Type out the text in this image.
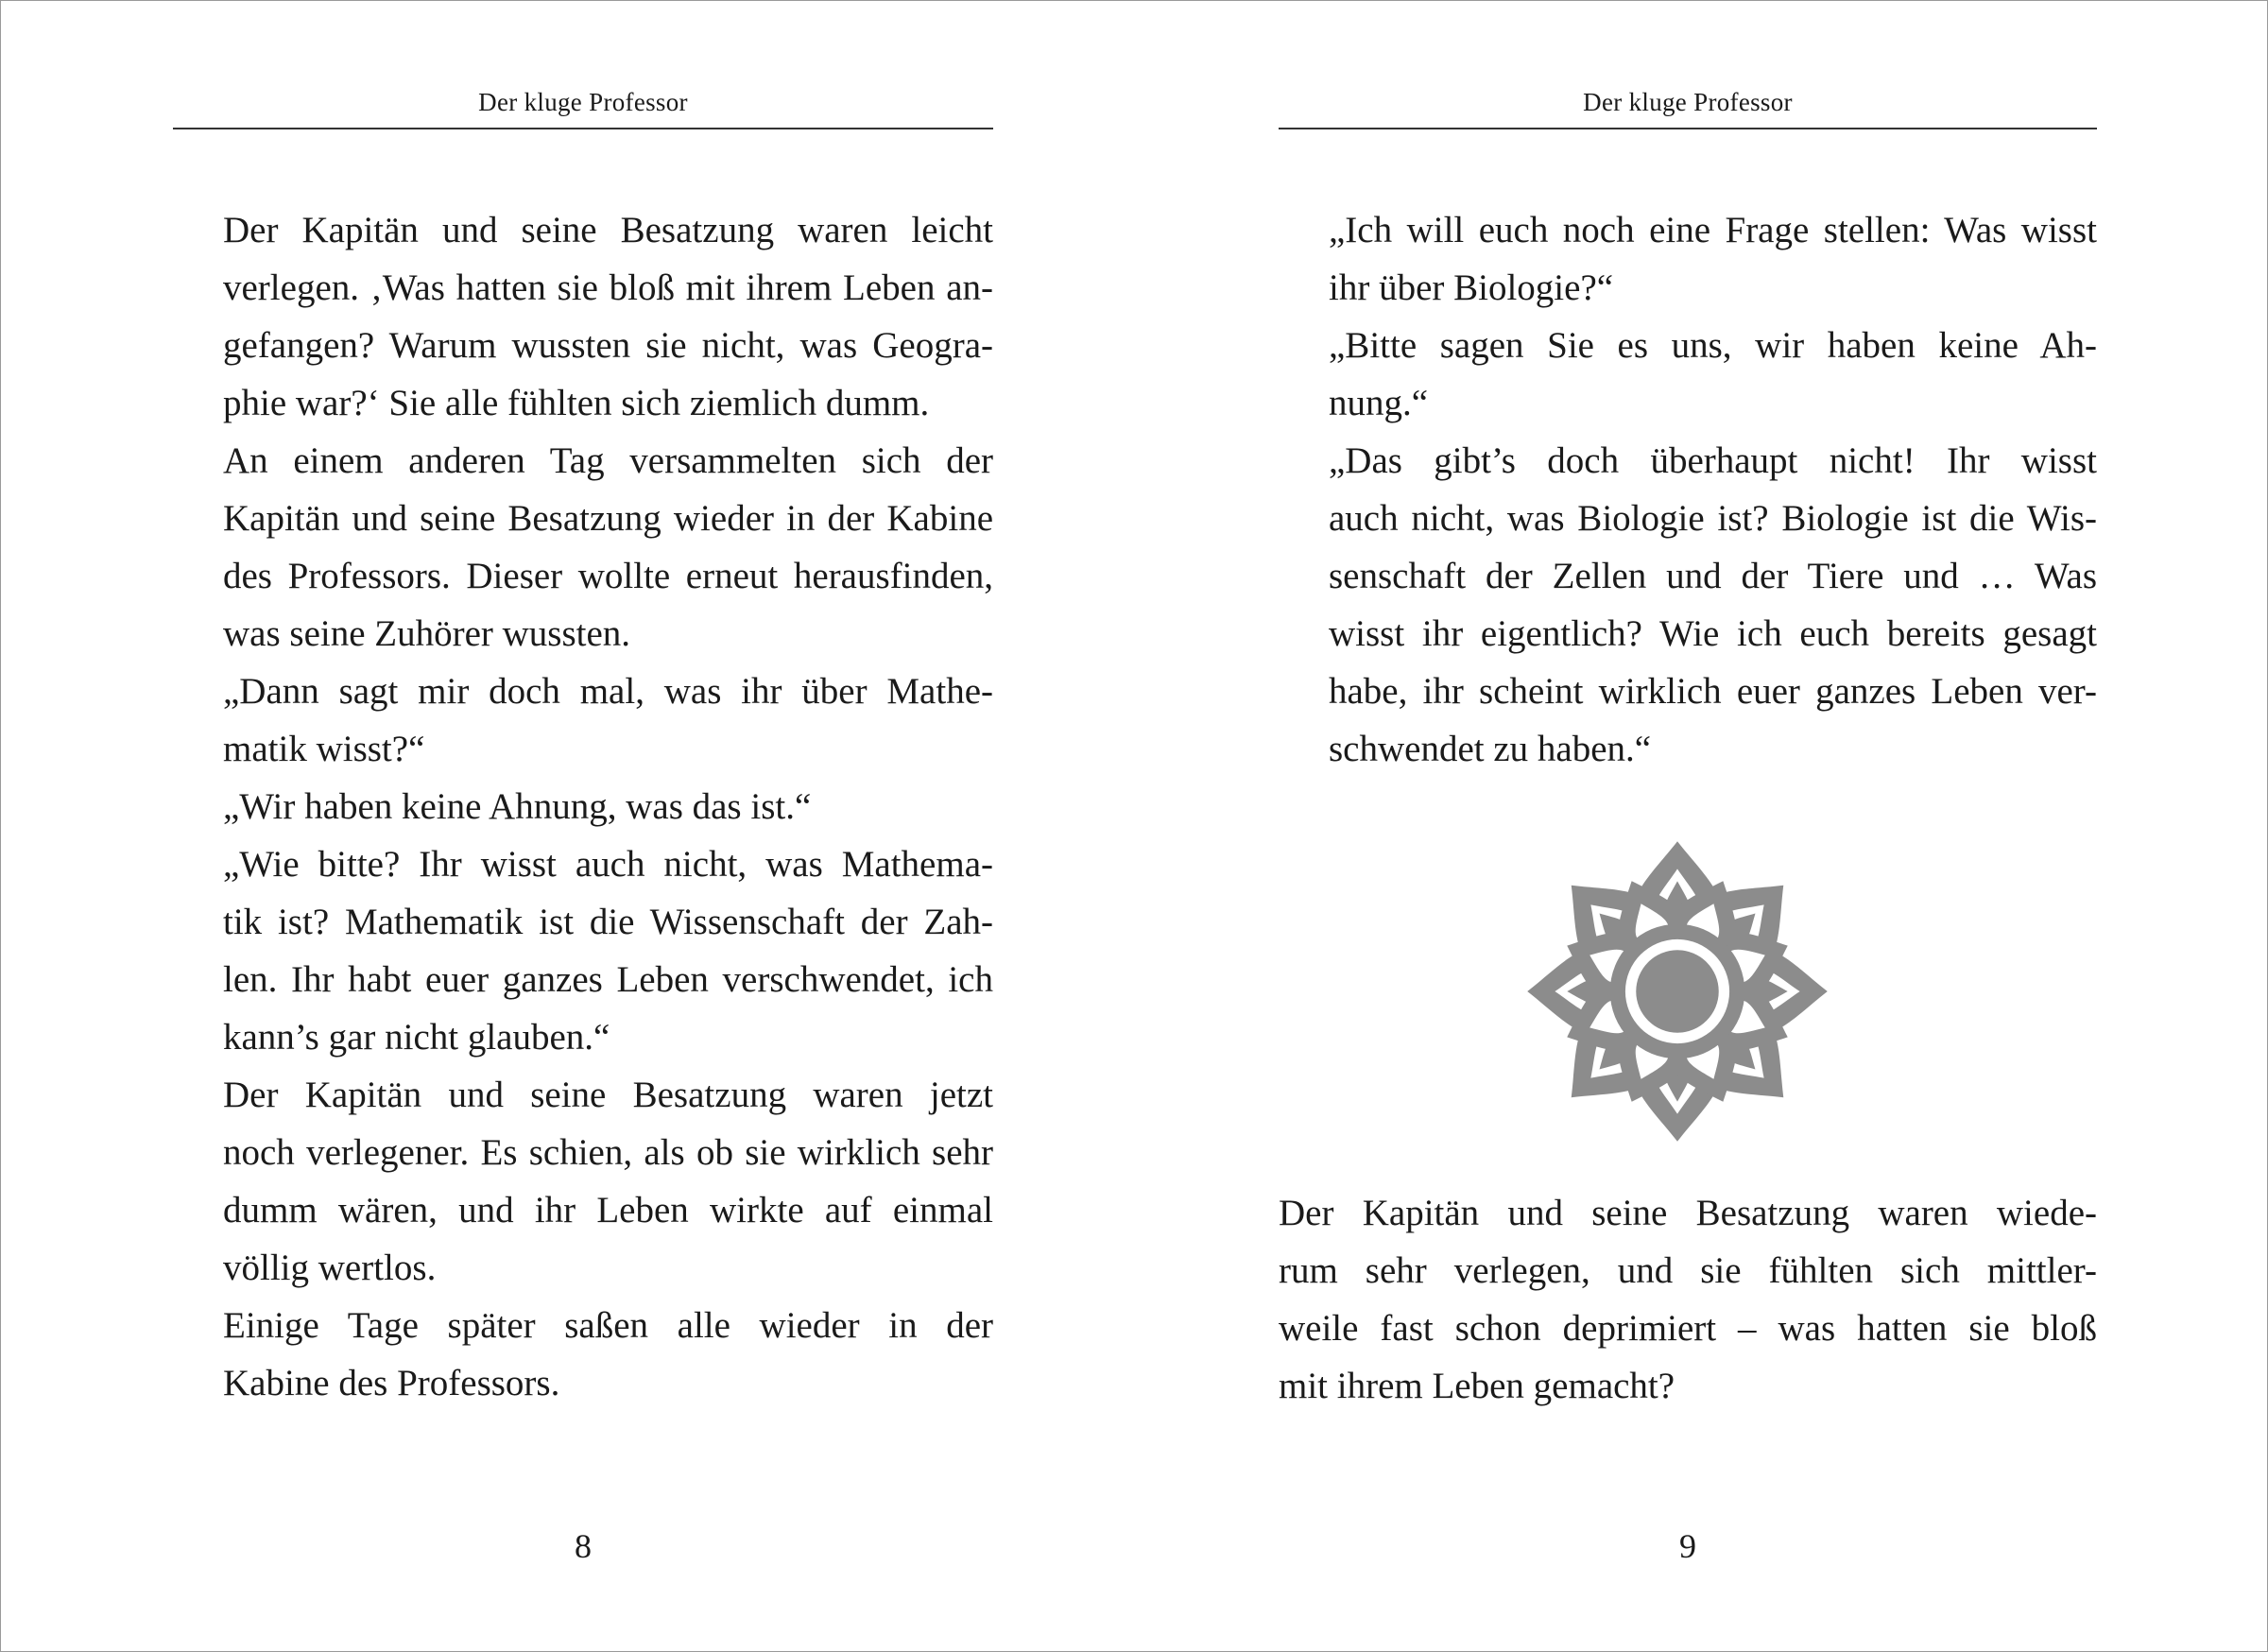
Der kluge Professor

Der Kapitän und seine Besatzung waren leicht
verlegen. ‚Was hatten sie bloß mit ihrem Leben an-
gefangen? Warum wussten sie nicht, was Geogra-
phie war?‘ Sie alle fühlten sich ziemlich dumm.

An einem anderen Tag versammelten sich der
Kapitän und seine Besatzung wieder in der Kabine
des Professors. Dieser wollte erneut herausfinden,
was seine Zuhörer wussten.

„Dann sagt mir doch mal, was ihr über Mathe-
matik wisst?“

„Wir haben keine Ahnung, was das ist.“

„Wie bitte? Ihr wisst auch nicht, was Mathema-
tik ist? Mathematik ist die Wissenschaft der Zah-
len. Ihr habt euer ganzes Leben verschwendet, ich
kann’s gar nicht glauben.“

Der Kapitän und seine Besatzung waren jetzt
noch verlegener. Es schien, als ob sie wirklich sehr
dumm wären, und ihr Leben wirkte auf einmal
völlig wertlos.

Einige Tage später saßen alle wieder in der
Kabine des Professors.

8
Der kluge Professor

„Ich will euch noch eine Frage stellen: Was wisst
ihr über Biologie?“

„Bitte sagen Sie es uns, wir haben keine Ah-
nung.“

„Das gibt’s doch überhaupt nicht! Ihr wisst
auch nicht, was Biologie ist? Biologie ist die Wis-
senschaft der Zellen und der Tiere und … Was
wisst ihr eigentlich? Wie ich euch bereits gesagt
habe, ihr scheint wirklich euer ganzes Leben ver-
schwendet zu haben.“

Der Kapitän und seine Besatzung waren wiede-
rum sehr verlegen, und sie fühlten sich mittler-
weile fast schon deprimiert – was hatten sie bloß
mit ihrem Leben gemacht?

9
